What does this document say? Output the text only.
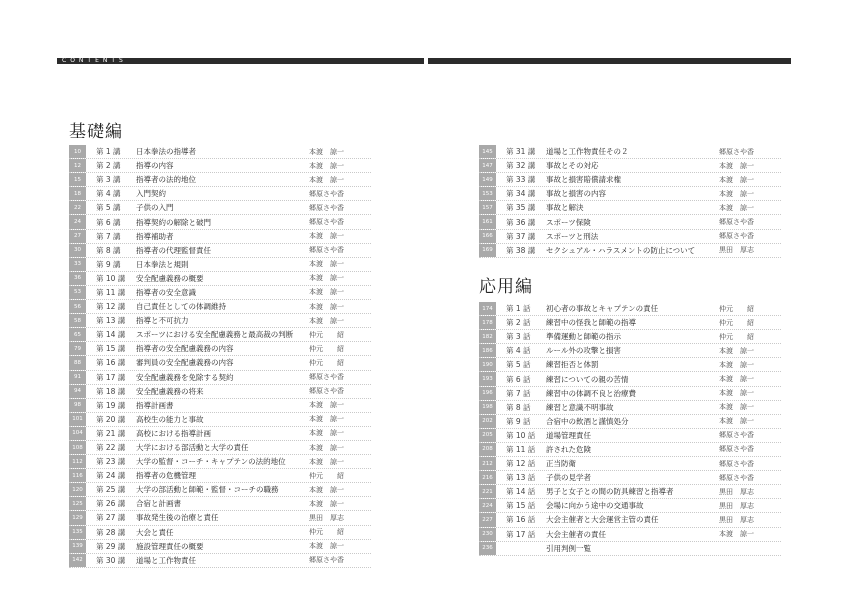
CONTENTS
基礎編
応用編
10	第 1 講	日本拳法の指導者	本渡　諒一
12	第 2 講	指導の内容	本渡　諒一
15	第 3 講	指導者の法的地位	本渡　諒一
18	第 4 講	入門契約	郷原さや香
22	第 5 講	子供の入門	郷原さや香
24	第 6 講	指導契約の解除と破門	郷原さや香
27	第 7 講	指導補助者	本渡　諒一
30	第 8 講	指導者の代理監督責任	郷原さや香
33	第 9 講	日本拳法と規則	本渡　諒一
36	第 10 講	安全配慮義務の概要	本渡　諒一
53	第 11 講	指導者の安全意識	本渡　諒一
56	第 12 講	自己責任としての体調維持	本渡　諒一
58	第 13 講	指導と不可抗力	本渡　諒一
65	第 14 講	スポーツにおける安全配慮義務と最高裁の判断	仲元　　紹
79	第 15 講	指導者の安全配慮義務の内容	仲元　　紹
88	第 16 講	審判員の安全配慮義務の内容	仲元　　紹
91	第 17 講	安全配慮義務を免除する契約	郷原さや香
94	第 18 講	安全配慮義務の将来	郷原さや香
98	第 19 講	指導計画書	本渡　諒一
101	第 20 講	高校生の能力と事故	本渡　諒一
104	第 21 講	高校における指導計画	本渡　諒一
108	第 22 講	大学における部活動と大学の責任	本渡　諒一
112	第 23 講	大学の監督・コーチ・キャプテンの法的地位	本渡　諒一
116	第 24 講	指導者の危機管理	仲元　　紹
120	第 25 講	大学の部活動と師範・監督・コーチの職務	本渡　諒一
125	第 26 講	合宿と計画書	本渡　諒一
129	第 27 講	事故発生後の治療と責任	黒田　厚志
135	第 28 講	大会と責任	仲元　　紹
139	第 29 講	施設管理責任の概要	本渡　諒一
142	第 30 講	道場と工作物責任	郷原さや香
145	第 31 講	道場と工作物責任その２	郷原さや香
147	第 32 講	事故とその対応	本渡　諒一
149	第 33 講	事故と損害賠償請求権	本渡　諒一
153	第 34 講	事故と損害の内容	本渡　諒一
157	第 35 講	事故と解決	本渡　諒一
161	第 36 講	スポーツ保険	郷原さや香
166	第 37 講	スポーツと刑法	郷原さや香
169	第 38 講	セクシュアル・ハラスメントの防止について	黒田　厚志
174	第 1 話	初心者の事故とキャプテンの責任	仲元　　紹
178	第 2 話	練習中の怪我と師範の指導	仲元　　紹
182	第 3 話	準備運動と師範の指示	仲元　　紹
186	第 4 話	ルール外の攻撃と損害	本渡　諒一
190	第 5 話	練習拒否と体罰	本渡　諒一
193	第 6 話	練習についての親の苦情	本渡　諒一
196	第 7 話	練習中の体調不良と治療費	本渡　諒一
198	第 8 話	練習と意識不明事故	本渡　諒一
202	第 9 話	合宿中の飲酒と謹慎処分	本渡　諒一
205	第 10 話	道場管理責任	郷原さや香
208	第 11 話	許された危険	郷原さや香
212	第 12 話	正当防衛	郷原さや香
216	第 13 話	子供の見学者	郷原さや香
221	第 14 話	男子と女子との間の防具練習と指導者	黒田　厚志
224	第 15 話	会場に向かう途中の交通事故	黒田　厚志
227	第 16 話	大会主催者と大会運営主管の責任	黒田　厚志
230	第 17 話	大会主催者の責任	本渡　諒一
236	引用判例一覧
